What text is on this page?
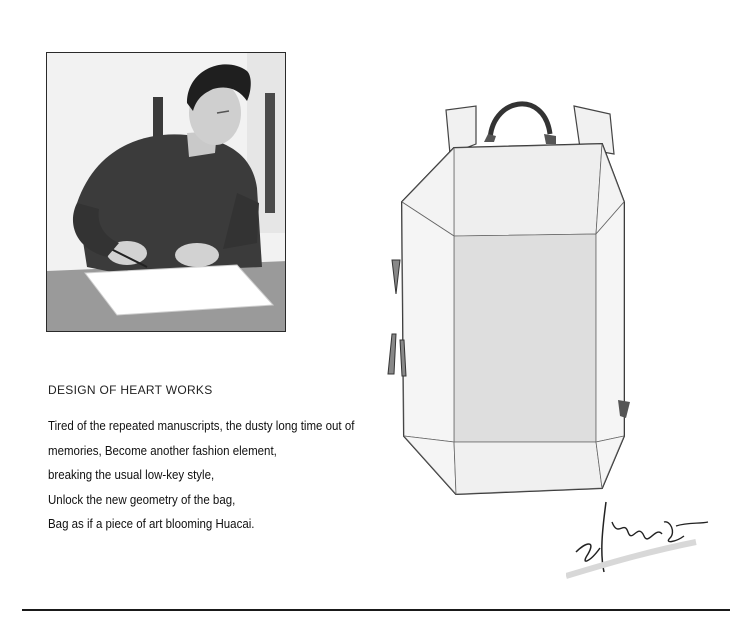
DESIGN OF HEART WORKS
Tired of the repeated manuscripts, the dusty long time out of
memories, Become another fashion element,
breaking the usual low-key style,
Unlock the new geometry of the bag,
Bag as if a piece of art blooming Huacai.
